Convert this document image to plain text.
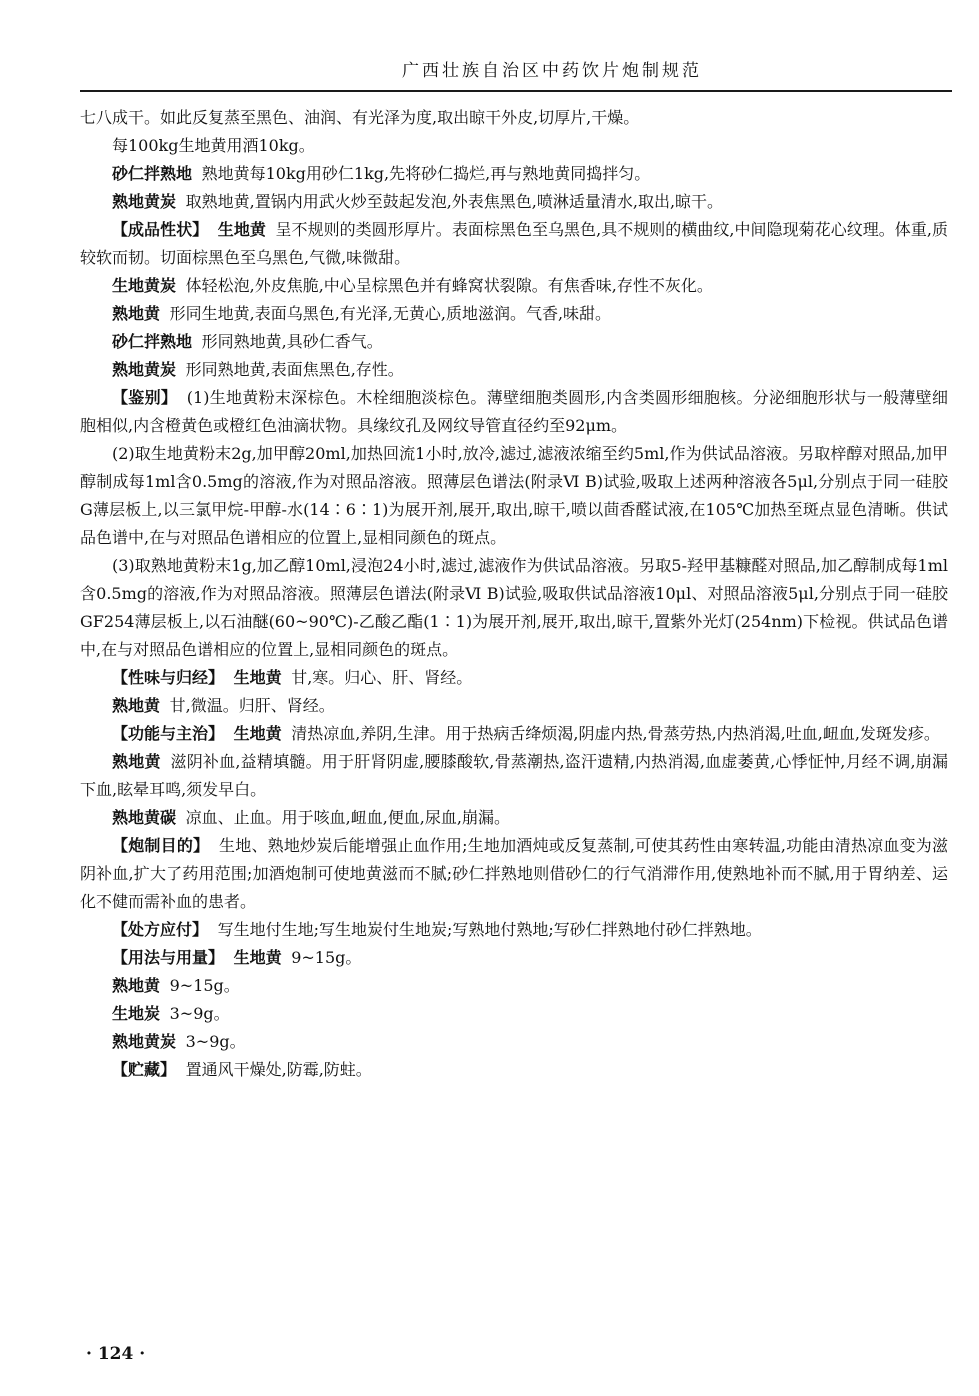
广西壮族自治区中药饮片炮制规范

七八成干。如此反复蒸至黑色、油润、有光泽为度,取出晾干外皮,切厚片,干燥。

每100kg生地黄用酒10kg。

砂仁拌熟地 熟地黄每10kg用砂仁1kg,先将砂仁捣烂,再与熟地黄同捣拌匀。

熟地黄炭 取熟地黄,置锅内用武火炒至鼓起发泡,外表焦黑色,喷淋适量清水,取出,晾干。

【成品性状】 生地黄 呈不规则的类圆形厚片。表面棕黑色至乌黑色,具不规则的横曲纹,中间隐现菊花心纹理。体重,质较软而韧。切面棕黑色至乌黑色,气微,味微甜。

生地黄炭 体轻松泡,外皮焦脆,中心呈棕黑色并有蜂窝状裂隙。有焦香味,存性不灰化。

熟地黄 形同生地黄,表面乌黑色,有光泽,无黄心,质地滋润。气香,味甜。

砂仁拌熟地 形同熟地黄,具砂仁香气。

熟地黄炭 形同熟地黄,表面焦黑色,存性。

【鉴别】 (1)生地黄粉末深棕色。木栓细胞淡棕色。薄壁细胞类圆形,内含类圆形细胞核。分泌细胞形状与一般薄壁细胞相似,内含橙黄色或橙红色油滴状物。具缘纹孔及网纹导管直径约至92μm。

(2)取生地黄粉末2g,加甲醇20ml,加热回流1小时,放冷,滤过,滤液浓缩至约5ml,作为供试品溶液。另取梓醇对照品,加甲醇制成每1ml含0.5mg的溶液,作为对照品溶液。照薄层色谱法(附录Ⅵ B)试验,吸取上述两种溶液各5μl,分别点于同一硅胶G薄层板上,以三氯甲烷-甲醇-水(14∶6∶1)为展开剂,展开,取出,晾干,喷以茴香醛试液,在105℃加热至斑点显色清晰。供试品色谱中,在与对照品色谱相应的位置上,显相同颜色的斑点。

(3)取熟地黄粉末1g,加乙醇10ml,浸泡24小时,滤过,滤液作为供试品溶液。另取5-羟甲基糠醛对照品,加乙醇制成每1ml含0.5mg的溶液,作为对照品溶液。照薄层色谱法(附录Ⅵ B)试验,吸取供试品溶液10μl、对照品溶液5μl,分别点于同一硅胶GF254薄层板上,以石油醚(60~90℃)-乙酸乙酯(1∶1)为展开剂,展开,取出,晾干,置紫外光灯(254nm)下检视。供试品色谱中,在与对照品色谱相应的位置上,显相同颜色的斑点。

【性味与归经】 生地黄 甘,寒。归心、肝、肾经。

熟地黄 甘,微温。归肝、肾经。

【功能与主治】 生地黄 清热凉血,养阴,生津。用于热病舌绛烦渴,阴虚内热,骨蒸劳热,内热消渴,吐血,衄血,发斑发疹。

熟地黄 滋阴补血,益精填髓。用于肝肾阴虚,腰膝酸软,骨蒸潮热,盗汗遗精,内热消渴,血虚萎黄,心悸怔忡,月经不调,崩漏下血,眩晕耳鸣,须发早白。

熟地黄碳 凉血、止血。用于咳血,衄血,便血,尿血,崩漏。

【炮制目的】 生地、熟地炒炭后能增强止血作用;生地加酒炖或反复蒸制,可使其药性由寒转温,功能由清热凉血变为滋阴补血,扩大了药用范围;加酒炮制可使地黄滋而不腻;砂仁拌熟地则借砂仁的行气消滞作用,使熟地补而不腻,用于胃纳差、运化不健而需补血的患者。

【处方应付】 写生地付生地;写生地炭付生地炭;写熟地付熟地;写砂仁拌熟地付砂仁拌熟地。

【用法与用量】 生地黄 9~15g。

熟地黄 9~15g。

生地炭 3~9g。

熟地黄炭 3~9g。

【贮藏】 置通风干燥处,防霉,防蛀。

· 124 ·
